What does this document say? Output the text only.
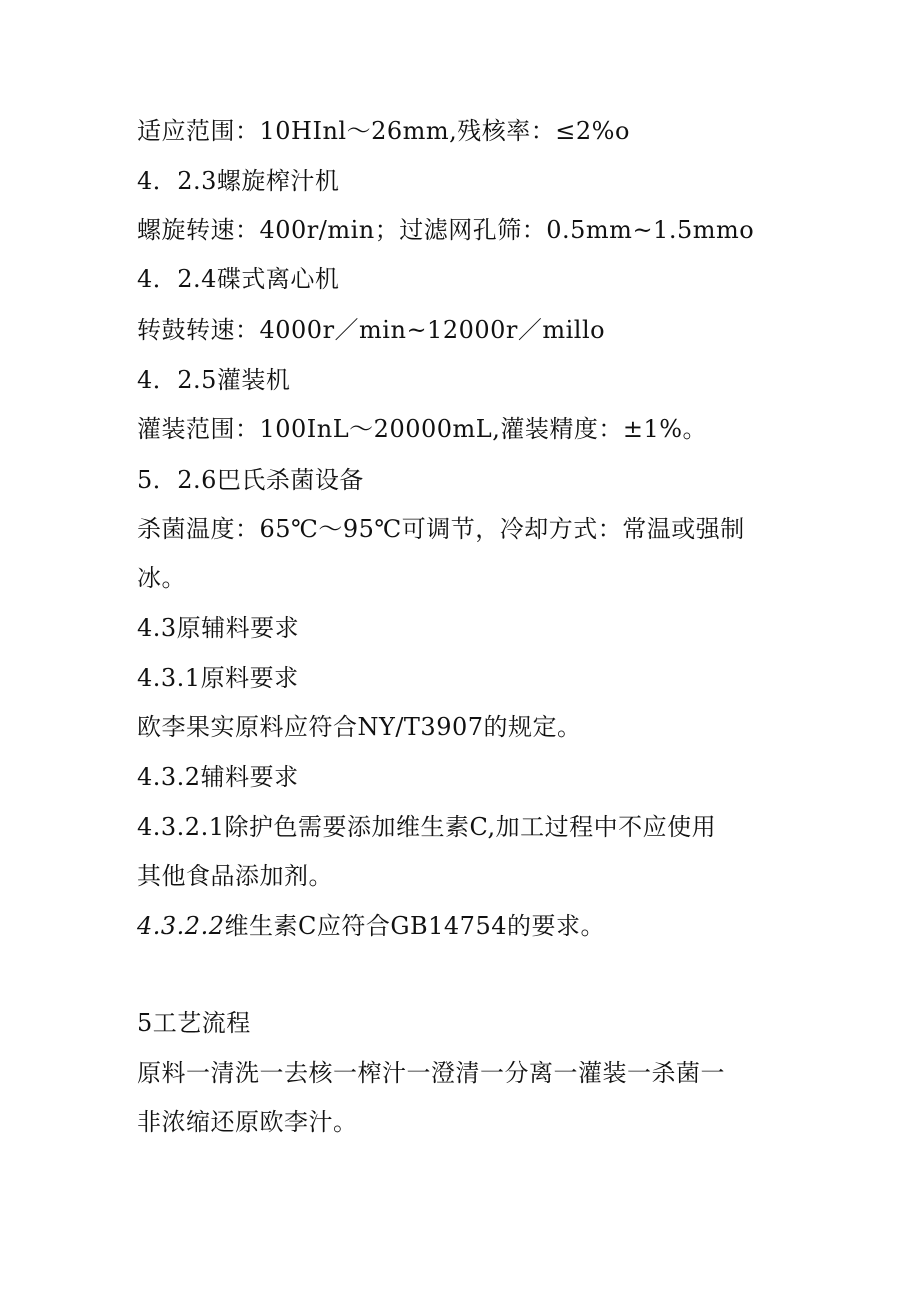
适应范围：10HInl～26mm,残核率：≤2%o
4．2.3螺旋榨汁机
螺旋转速：400r/min；过滤网孔筛：0.5mm~1.5mmo
4．2.4碟式离心机
转鼓转速：4000r／min~12000r／millo
4．2.5灌装机
灌装范围：100InL～20000mL,灌装精度：±1%。
5．2.6巴氏杀菌设备
杀菌温度：65℃～95℃可调节，冷却方式：常温或强制
冰。
4.3原辅料要求
4.3.1原料要求
欧李果实原料应符合NY/T3907的规定。
4.3.2辅料要求
4.3.2.1除护色需要添加维生素C,加工过程中不应使用
其他食品添加剂。
4.3.2.2维生素C应符合GB14754的要求。
5工艺流程
原料一清洗一去核一榨汁一澄清一分离一灌装一杀菌一
非浓缩还原欧李汁。
